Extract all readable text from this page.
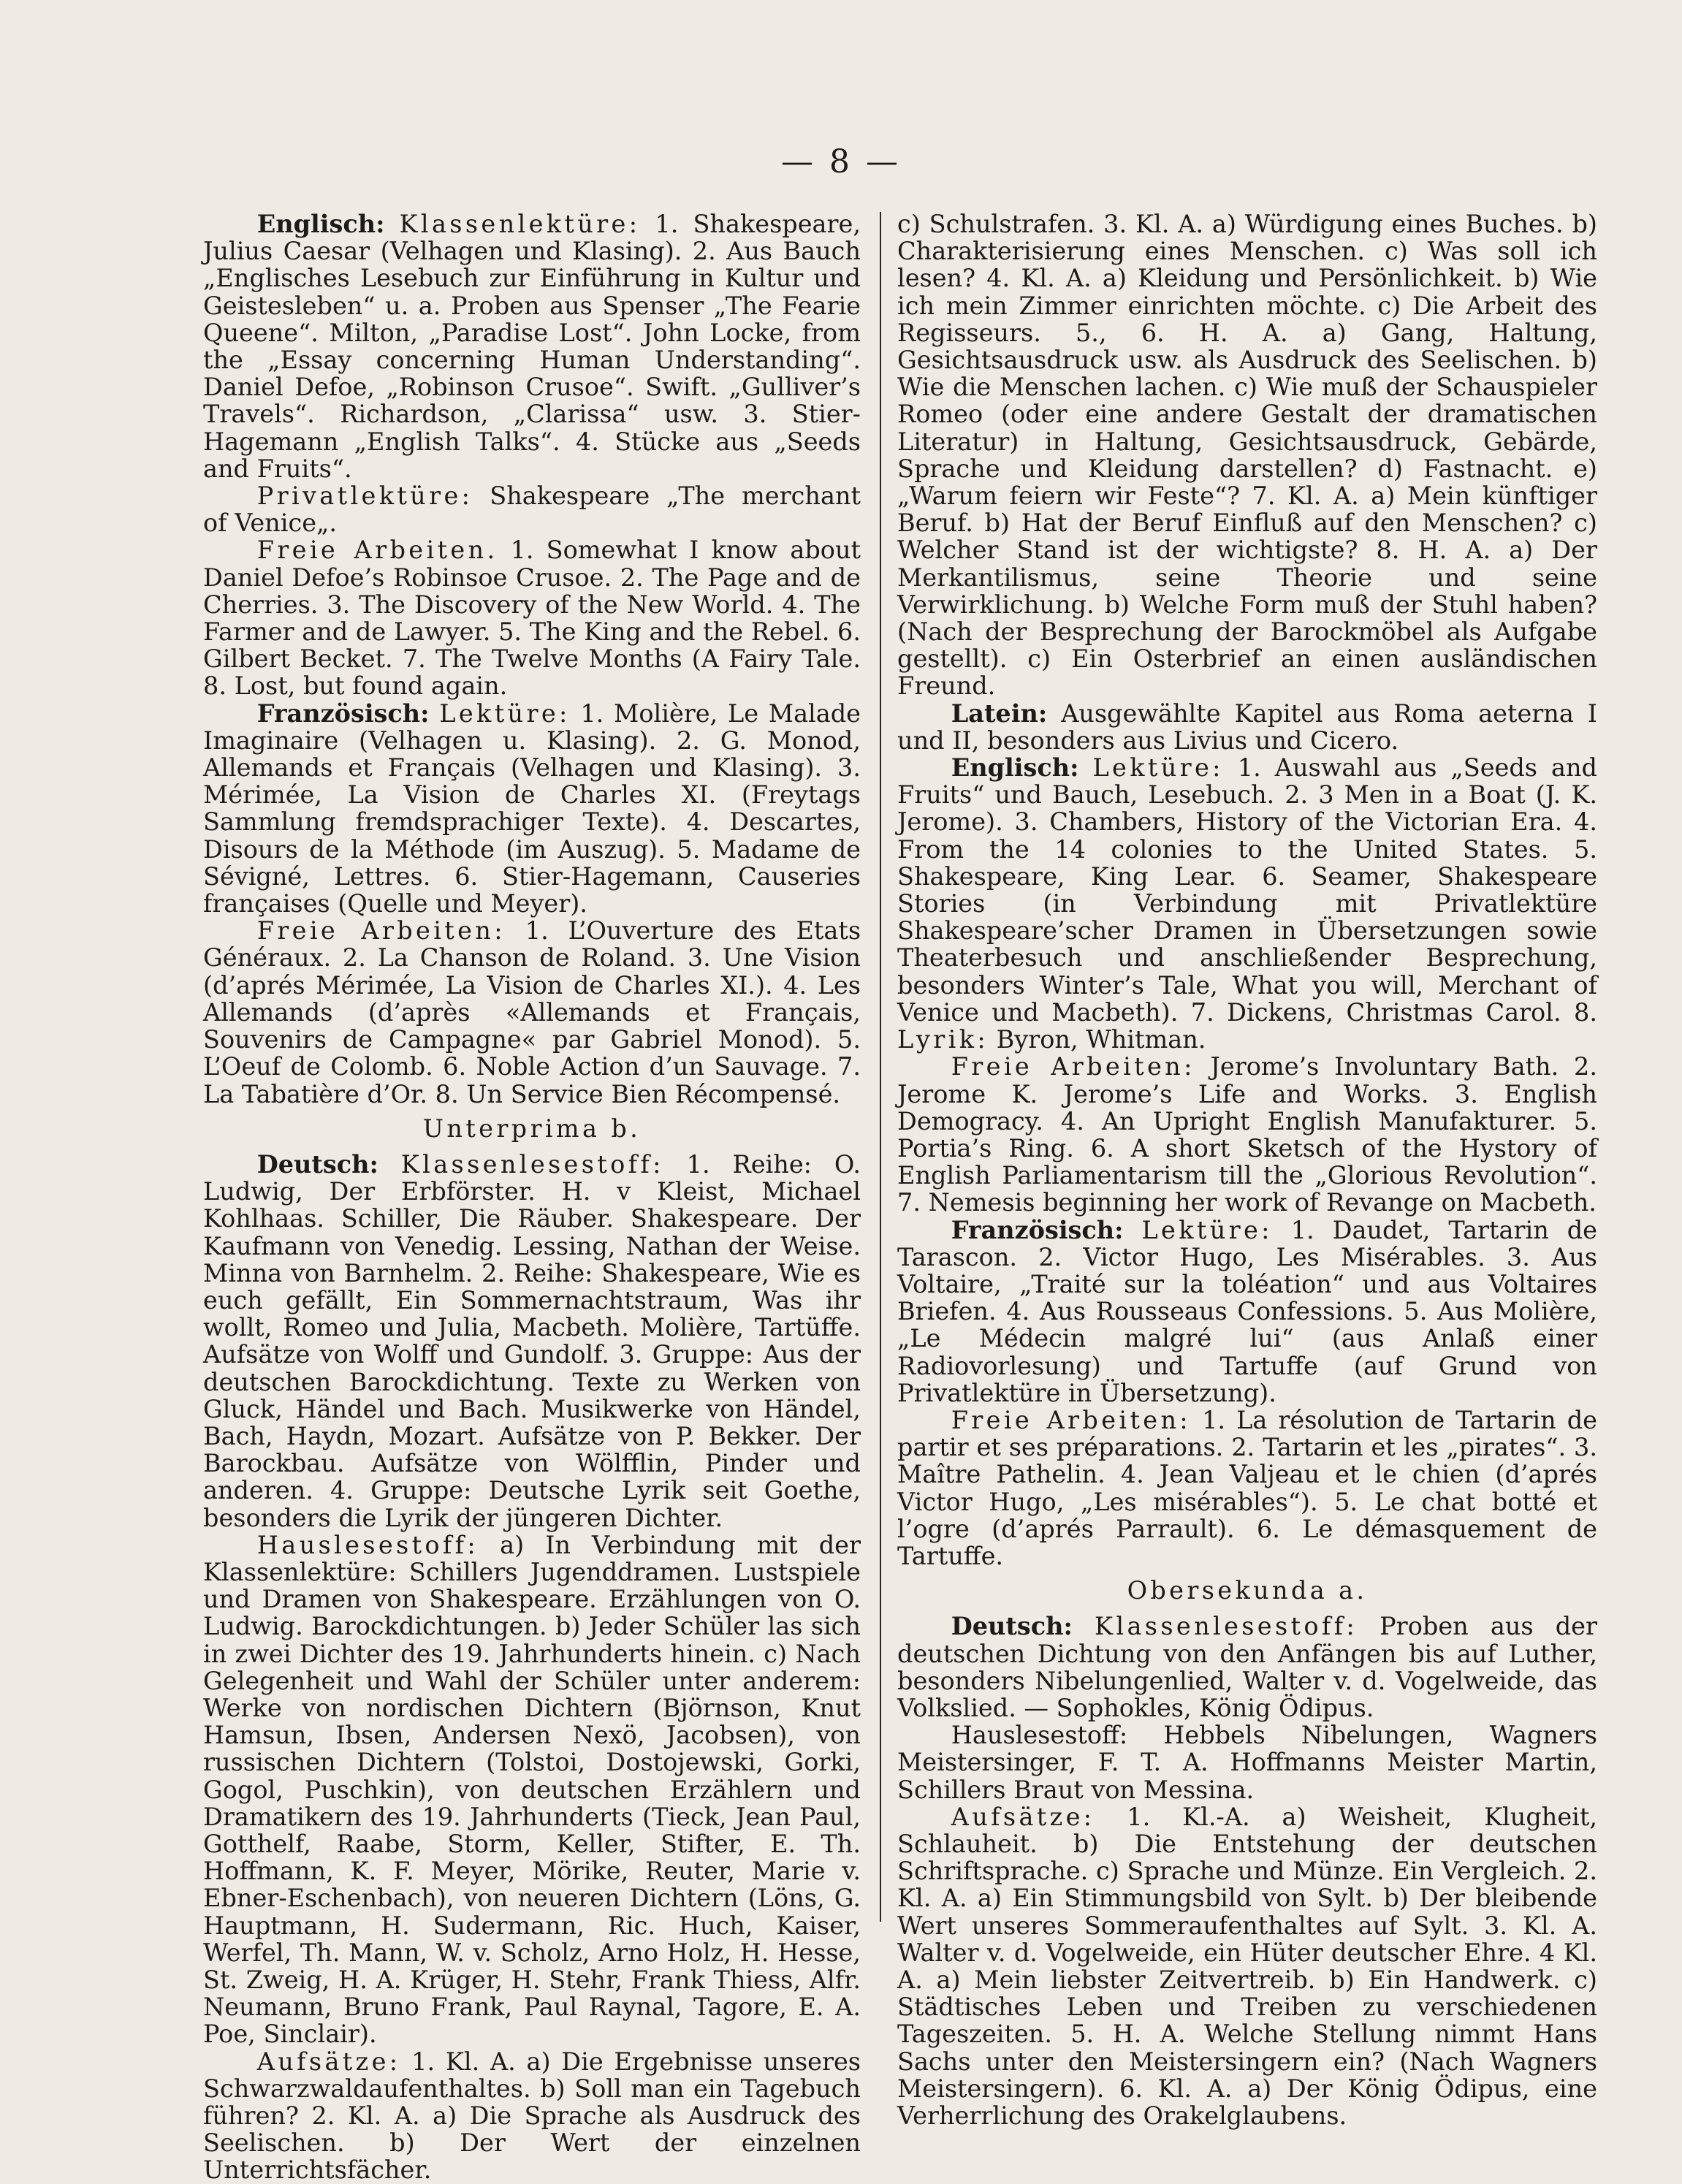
— 8 —

Englisch: Klassenlektüre: 1. Shakespeare, Julius Caesar (Velhagen und Klasing). 2. Aus Bauch „Englisches Lesebuch zur Einführung in Kultur und Geistesleben“ u. a. Proben aus Spenser „The Fearie Queene“. Milton, „Paradise Lost“. John Locke, from the „Essay concerning Human Understanding“. Daniel Defoe, „Robinson Crusoe“. Swift. „Gulliver’s Travels“. Richardson, „Clarissa“ usw. 3. Stier-Hagemann „English Talks“. 4. Stücke aus „Seeds and Fruits“.

Privatlektüre: Shakespeare „The merchant of Venice„.

Freie Arbeiten. 1. Somewhat I know about Daniel Defoe’s Robinsoe Crusoe. 2. The Page and de Cherries. 3. The Discovery of the New World. 4. The Farmer and de Lawyer. 5. The King and the Rebel. 6. Gilbert Becket. 7. The Twelve Months (A Fairy Tale. 8. Lost, but found again.

Französisch: Lektüre: 1. Molière, Le Malade Imaginaire (Velhagen u. Klasing). 2. G. Monod, Allemands et Français (Velhagen und Klasing). 3. Mérimée, La Vision de Charles XI. (Freytags Sammlung fremdsprachiger Texte). 4. Descartes, Disours de la Méthode (im Auszug). 5. Madame de Sévigné, Lettres. 6. Stier-Hagemann, Causeries françaises (Quelle und Meyer).

Freie Arbeiten: 1. L’Ouverture des Etats Généraux. 2. La Chanson de Roland. 3. Une Vision (d’aprés Mérimée, La Vision de Charles XI.). 4. Les Allemands (d’après «Allemands et Français, Souvenirs de Campagne« par Gabriel Monod). 5. L’Oeuf de Colomb. 6. Noble Action d’un Sauvage. 7. La Tabatière d’Or. 8. Un Service Bien Récompensé.

Unterprima b.

Deutsch: Klassenlesestoff: 1. Reihe: O. Ludwig, Der Erbförster. H. v Kleist, Michael Kohlhaas. Schiller, Die Räuber. Shakespeare. Der Kaufmann von Venedig. Lessing, Nathan der Weise. Minna von Barnhelm. 2. Reihe: Shakespeare, Wie es euch gefällt, Ein Sommernachtstraum, Was ihr wollt, Romeo und Julia, Macbeth. Molière, Tartüffe. Aufsätze von Wolff und Gundolf. 3. Gruppe: Aus der deutschen Barockdichtung. Texte zu Werken von Gluck, Händel und Bach. Musikwerke von Händel, Bach, Haydn, Mozart. Aufsätze von P. Bekker. Der Barockbau. Aufsätze von Wölfflin, Pinder und anderen. 4. Gruppe: Deutsche Lyrik seit Goethe, besonders die Lyrik der jüngeren Dichter.

Hauslesestoff: a) In Verbindung mit der Klassenlektüre: Schillers Jugenddramen. Lustspiele und Dramen von Shakespeare. Erzählungen von O. Ludwig. Barockdichtungen. b) Jeder Schüler las sich in zwei Dichter des 19. Jahrhunderts hinein. c) Nach Gelegenheit und Wahl der Schüler unter anderem: Werke von nordischen Dichtern (Björnson, Knut Hamsun, Ibsen, Andersen Nexö, Jacobsen), von russischen Dichtern (Tolstoi, Dostojewski, Gorki, Gogol, Puschkin), von deutschen Erzählern und Dramatikern des 19. Jahrhunderts (Tieck, Jean Paul, Gotthelf, Raabe, Storm, Keller, Stifter, E. Th. Hoffmann, K. F. Meyer, Mörike, Reuter, Marie v. Ebner-Eschenbach), von neueren Dichtern (Löns, G. Hauptmann, H. Sudermann, Ric. Huch, Kaiser, Werfel, Th. Mann, W. v. Scholz, Arno Holz, H. Hesse, St. Zweig, H. A. Krüger, H. Stehr, Frank Thiess, Alfr. Neumann, Bruno Frank, Paul Raynal, Tagore, E. A. Poe, Sinclair).

Aufsätze: 1. Kl. A. a) Die Ergebnisse unseres Schwarzwaldaufenthaltes. b) Soll man ein Tagebuch führen? 2. Kl. A. a) Die Sprache als Ausdruck des Seelischen. b) Der Wert der einzelnen Unterrichtsfächer.

c) Schulstrafen. 3. Kl. A. a) Würdigung eines Buches. b) Charakterisierung eines Menschen. c) Was soll ich lesen? 4. Kl. A. a) Kleidung und Persönlichkeit. b) Wie ich mein Zimmer einrichten möchte. c) Die Arbeit des Regisseurs. 5., 6. H. A. a) Gang, Haltung, Gesichtsausdruck usw. als Ausdruck des Seelischen. b) Wie die Menschen lachen. c) Wie muß der Schauspieler Romeo (oder eine andere Gestalt der dramatischen Literatur) in Haltung, Gesichtsausdruck, Gebärde, Sprache und Kleidung darstellen? d) Fastnacht. e) „Warum feiern wir Feste“? 7. Kl. A. a) Mein künftiger Beruf. b) Hat der Beruf Einfluß auf den Menschen? c) Welcher Stand ist der wichtigste? 8. H. A. a) Der Merkantilismus, seine Theorie und seine Verwirklichung. b) Welche Form muß der Stuhl haben? (Nach der Besprechung der Barockmöbel als Aufgabe gestellt). c) Ein Osterbrief an einen ausländischen Freund.

Latein: Ausgewählte Kapitel aus Roma aeterna I und II, besonders aus Livius und Cicero.

Englisch: Lektüre: 1. Auswahl aus „Seeds and Fruits“ und Bauch, Lesebuch. 2. 3 Men in a Boat (J. K. Jerome). 3. Chambers, History of the Victorian Era. 4. From the 14 colonies to the United States. 5. Shakespeare, King Lear. 6. Seamer, Shakespeare Stories (in Verbindung mit Privatlektüre Shakespeare’scher Dramen in Übersetzungen sowie Theaterbesuch und anschließender Besprechung, besonders Winter’s Tale, What you will, Merchant of Venice und Macbeth). 7. Dickens, Christmas Carol. 8. Lyrik: Byron, Whitman.

Freie Arbeiten: Jerome’s Involuntary Bath. 2. Jerome K. Jerome’s Life and Works. 3. English Demogracy. 4. An Upright English Manufakturer. 5. Portia’s Ring. 6. A short Sketsch of the Hystory of English Parliamentarism till the „Glorious Revolution“. 7. Nemesis beginning her work of Revange on Macbeth.

Französisch: Lektüre: 1. Daudet, Tartarin de Tarascon. 2. Victor Hugo, Les Misérables. 3. Aus Voltaire, „Traité sur la toléation“ und aus Voltaires Briefen. 4. Aus Rousseaus Confessions. 5. Aus Molière, „Le Médecin malgré lui“ (aus Anlaß einer Radiovorlesung) und Tartuffe (auf Grund von Privatlektüre in Übersetzung).

Freie Arbeiten: 1. La résolution de Tartarin de partir et ses préparations. 2. Tartarin et les „pirates“. 3. Maître Pathelin. 4. Jean Valjeau et le chien (d’aprés Victor Hugo, „Les misérables“). 5. Le chat botté et l’ogre (d’aprés Parrault). 6. Le démasquement de Tartuffe.

Obersekunda a.

Deutsch: Klassenlesestoff: Proben aus der deutschen Dichtung von den Anfängen bis auf Luther, besonders Nibelungenlied, Walter v. d. Vogelweide, das Volkslied. — Sophokles, König Ödipus.

Hauslesestoff: Hebbels Nibelungen, Wagners Meistersinger, F. T. A. Hoffmanns Meister Martin, Schillers Braut von Messina.

Aufsätze: 1. Kl.-A. a) Weisheit, Klugheit, Schlauheit. b) Die Entstehung der deutschen Schriftsprache. c) Sprache und Münze. Ein Vergleich. 2. Kl. A. a) Ein Stimmungsbild von Sylt. b) Der bleibende Wert unseres Sommeraufenthaltes auf Sylt. 3. Kl. A. Walter v. d. Vogelweide, ein Hüter deutscher Ehre. 4 Kl. A. a) Mein liebster Zeitvertreib. b) Ein Handwerk. c) Städtisches Leben und Treiben zu verschiedenen Tageszeiten. 5. H. A. Welche Stellung nimmt Hans Sachs unter den Meistersingern ein? (Nach Wagners Meistersingern). 6. Kl. A. a) Der König Ödipus, eine Verherrlichung des Orakelglaubens.
